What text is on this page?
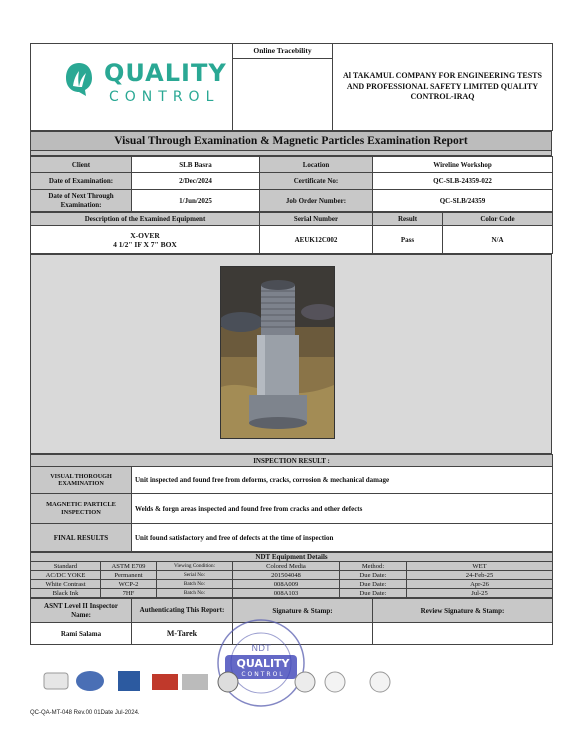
QUALITY
CONTROL

Online Tracebility

Al TAKAMUL COMPANY FOR ENGINEERING TESTS
AND PROFESSIONAL SAFETY LIMITED QUALITY CONTROL-IRAQ
Visual Through Examination & Magnetic Particles Examination Report

Client	SLB Basra	Location	Wireline Workshop
Date of Examination:	2/Dec/2024	Certificate No:	QC-SLB-24359-022
Date of Next Through Examination:	1/Jun/2025	Job Order Number:	QC-SLB/24359
Description of the Examined Equipment	Serial Number	Result	Color Code

X-OVER
4 1/2" IF X 7" BOX	AEUK12C002	Pass	N/A
INSPECTION RESULT :	
VISUAL THOROUGH EXAMINATION	Unit inspected and found free from deforms, cracks, corrosion & mechanical damage
MAGNETIC PARTICLE INSPECTION	Welds & forgn areas inspected and found free from cracks and other defects
FINAL RESULTS	Unit found satisfactory and free of defects at the time of inspection
NDT Equipment Details					
Standard	ASTM E709	Viewing Condition:	Colored Media	Method:	WET
AC/DC YOKE	Permanent	Serial No:	201504048	Due Date:	24-Feb-25
White Contrast	WCP-2	Batch No:	008A009	Due Date:	Apr-26
Black Ink	7HF	Batch No:	008A103	Due Date:	Jul-25
ASNT Level II Inspector Name:	Authenticating This Report:	Signature & Stamp:	Review Signature & Stamp:
Rami Salama	M-Tarek		
NDT
QUALITY
CONTROL
QC-QA-MT-048 Rev.00 01Date Jul-2024.
